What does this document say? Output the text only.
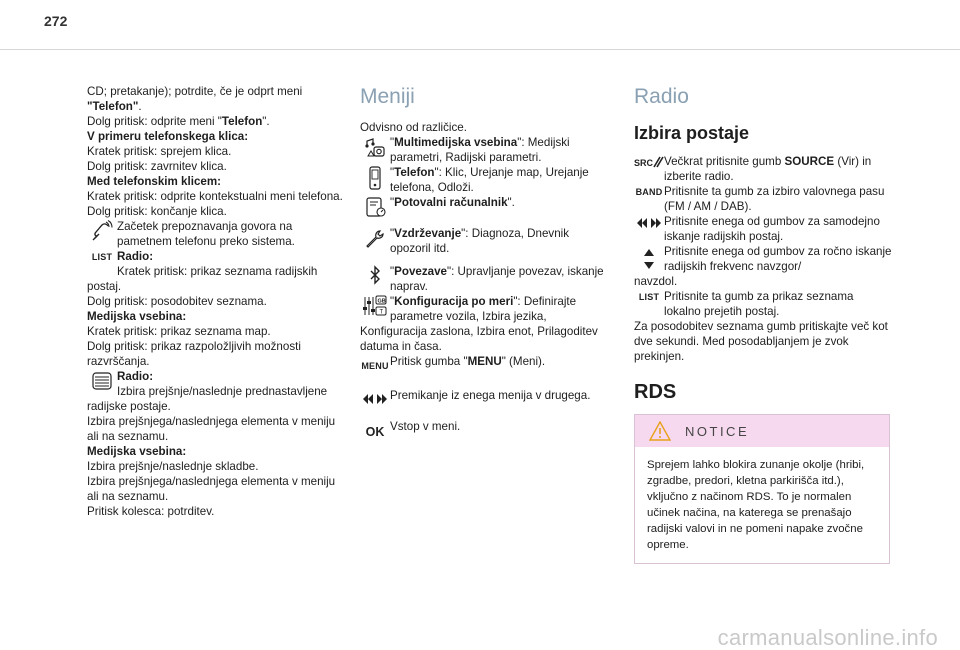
272

CD; pretakanje); potrdite, če je odprt meni "Telefon".

Dolg pritisk: odprite meni "Telefon".

V primeru telefonskega klica:

Kratek pritisk: sprejem klica.

Dolg pritisk: zavrnitev klica.

Med telefonskim klicem:

Kratek pritisk: odprite kontekstualni meni telefona.

Dolg pritisk: končanje klica.

Začetek prepoznavanja govora na pametnem telefonu preko sistema.
LIST Radio:

Kratek pritisk: prikaz seznama radijskih

postaj.

Dolg pritisk: posodobitev seznama.

Medijska vsebina:

Kratek pritisk: prikaz seznama map.

Dolg pritisk: prikaz razpoložljivih možnosti razvrščanja.

Radio:

Izbira prejšnje/naslednje prednastavljene

radijske postaje.

Izbira prejšnjega/naslednjega elementa v meniju ali na seznamu.

Medijska vsebina:

Izbira prejšnje/naslednje skladbe.

Izbira prejšnjega/naslednjega elementa v meniju ali na seznamu.

Pritisk kolesca: potrditev.

Meniji

Odvisno od različice.

"Multimedijska vsebina": Medijski parametri, Radijski parametri.
"Telefon": Klic, Urejanje map, Urejanje telefona, Odloži.
"Potovalni računalnik".
"Vzdrževanje": Diagnoza, Dnevnik opozoril itd.
"Povezave": Upravljanje povezav, iskanje naprav.
GB
T
"Konfiguracija po meri": Definirajte parametre vozila, Izbira jezika,

Konfiguracija zaslona, Izbira enot, Prilagoditev datuma in časa.

MENU Pritisk gumba "MENU" (Meni).
Premikanje iz enega menija v drugega.
OK Vstop v meni.
Radio
Izbira postaje
SRC Večkrat pritisnite gumb SOURCE (Vir) in izberite radio.
BAND Pritisnite ta gumb za izbiro valovnega pasu (FM / AM / DAB).
Pritisnite enega od gumbov za samodejno iskanje radijskih postaj.
Pritisnite enega od gumbov za ročno iskanje radijskih frekvenc navzgor/

navzdol.

LIST Pritisnite ta gumb za prikaz seznama lokalno prejetih postaj.

Za posodobitev seznama gumb pritiskajte več kot dve sekundi. Med posodabljanjem je zvok prekinjen.

RDS
NOTICE
Sprejem lahko blokira zunanje okolje (hribi, zgradbe, predori, kletna parkirišča itd.), vključno z načinom RDS. To je normalen učinek načina, na katerega se prenašajo radijski valovi in ne pomeni napake zvočne opreme.
carmanualsonline.info
